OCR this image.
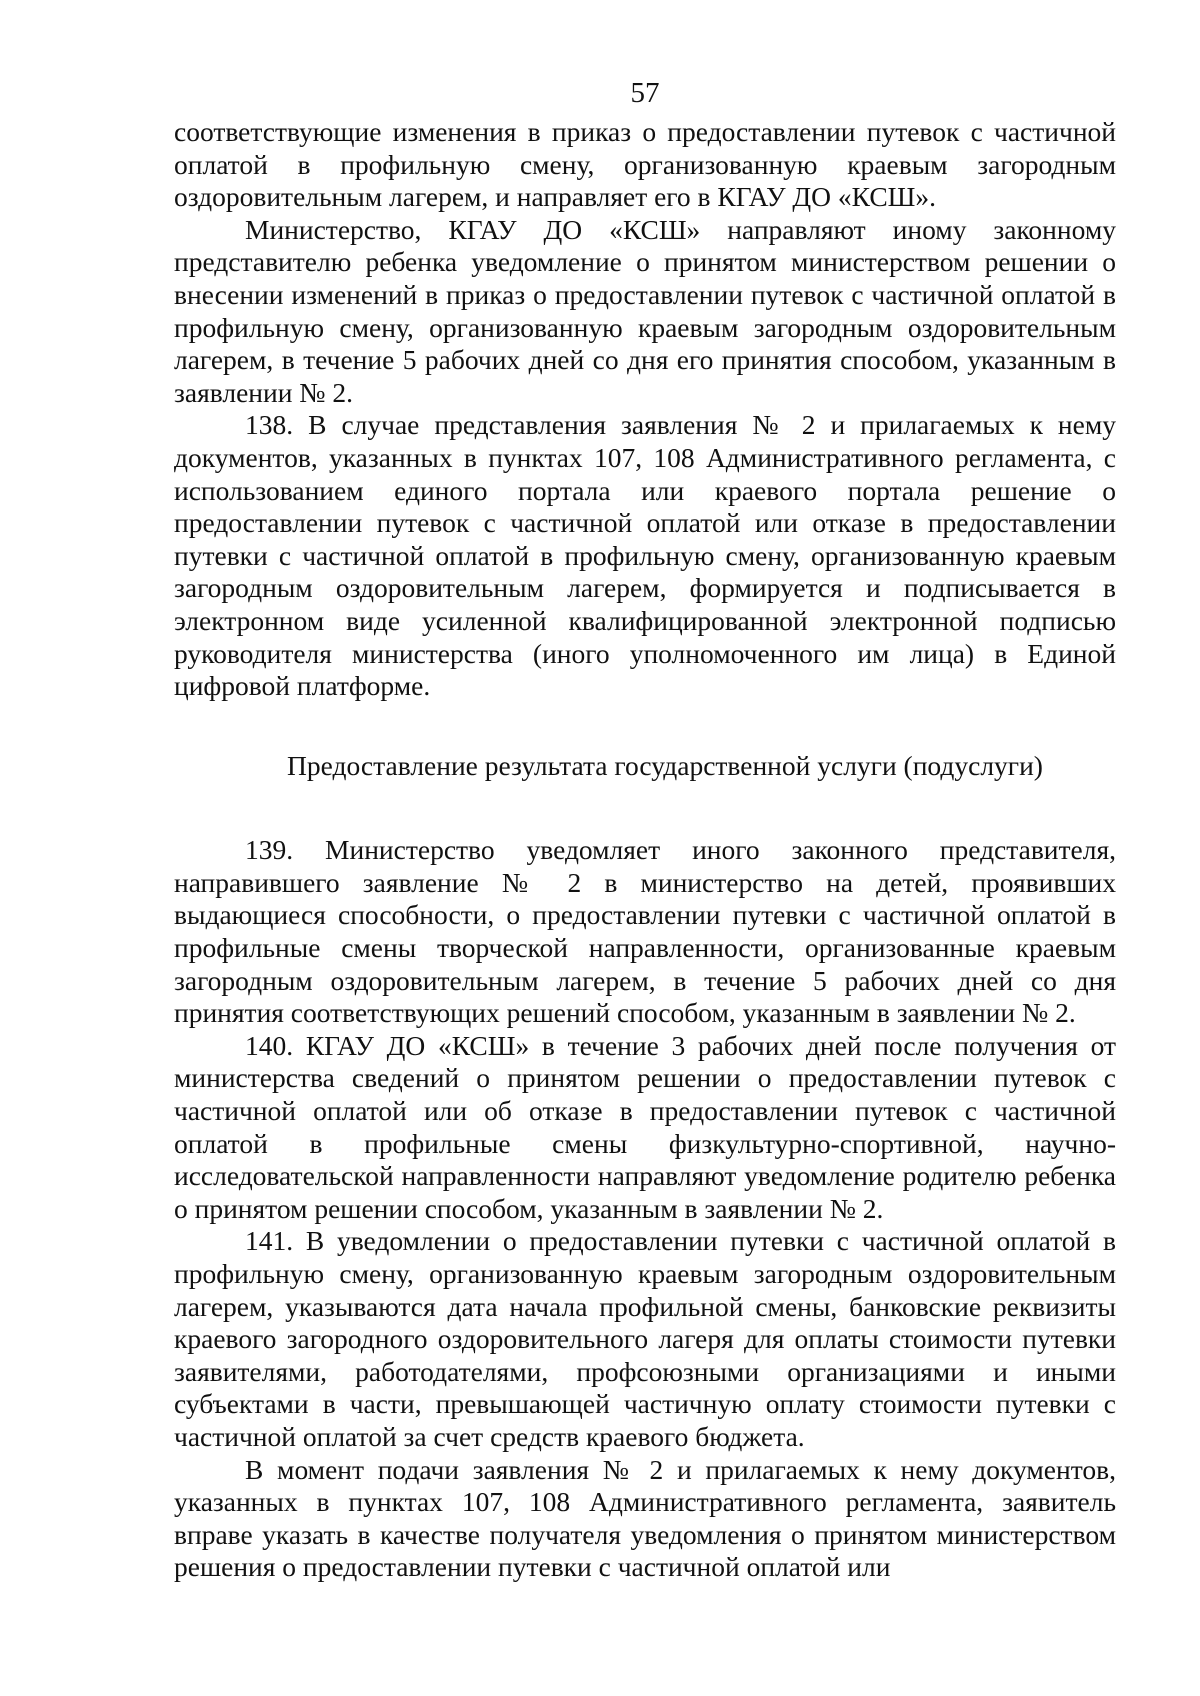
57

соответствующие изменения в приказ о предоставлении путевок с частичной оплатой в профильную смену, организованную краевым загородным оздоровительным лагерем, и направляет его в КГАУ ДО «КСШ».

Министерство, КГАУ ДО «КСШ» направляют иному законному представителю ребенка уведомление о принятом министерством решении о внесении изменений в приказ о предоставлении путевок с частичной оплатой в профильную смену, организованную краевым загородным оздоровительным лагерем, в течение 5 рабочих дней со дня его принятия способом, указанным в заявлении № 2.

138. В случае представления заявления № 2 и прилагаемых к нему документов, указанных в пунктах 107, 108 Административного регламента, с использованием единого портала или краевого портала решение о предоставлении путевок с частичной оплатой или отказе в предоставлении путевки с частичной оплатой в профильную смену, организованную краевым загородным оздоровительным лагерем, формируется и подписывается в электронном виде усиленной квалифицированной электронной подписью руководителя министерства (иного уполномоченного им лица) в Единой цифровой платформе.

Предоставление результата государственной услуги (подуслуги)

139. Министерство уведомляет иного законного представителя, направившего заявление № 2 в министерство на детей, проявивших выдающиеся способности, о предоставлении путевки с частичной оплатой в профильные смены творческой направленности, организованные краевым загородным оздоровительным лагерем, в течение 5 рабочих дней со дня принятия соответствующих решений способом, указанным в заявлении № 2.

140. КГАУ ДО «КСШ» в течение 3 рабочих дней после получения от министерства сведений о принятом решении о предоставлении путевок с частичной оплатой или об отказе в предоставлении путевок с частичной оплатой в профильные смены физкультурно-спортивной, научно-исследовательской направленности направляют уведомление родителю ребенка о принятом решении способом, указанным в заявлении № 2.

141. В уведомлении о предоставлении путевки с частичной оплатой в профильную смену, организованную краевым загородным оздоровительным лагерем, указываются дата начала профильной смены, банковские реквизиты краевого загородного оздоровительного лагеря для оплаты стоимости путевки заявителями, работодателями, профсоюзными организациями и иными субъектами в части, превышающей частичную оплату стоимости путевки с частичной оплатой за счет средств краевого бюджета.

В момент подачи заявления № 2 и прилагаемых к нему документов, указанных в пунктах 107, 108 Административного регламента, заявитель вправе указать в качестве получателя уведомления о принятом министерством решения о предоставлении путевки с частичной оплатой или
